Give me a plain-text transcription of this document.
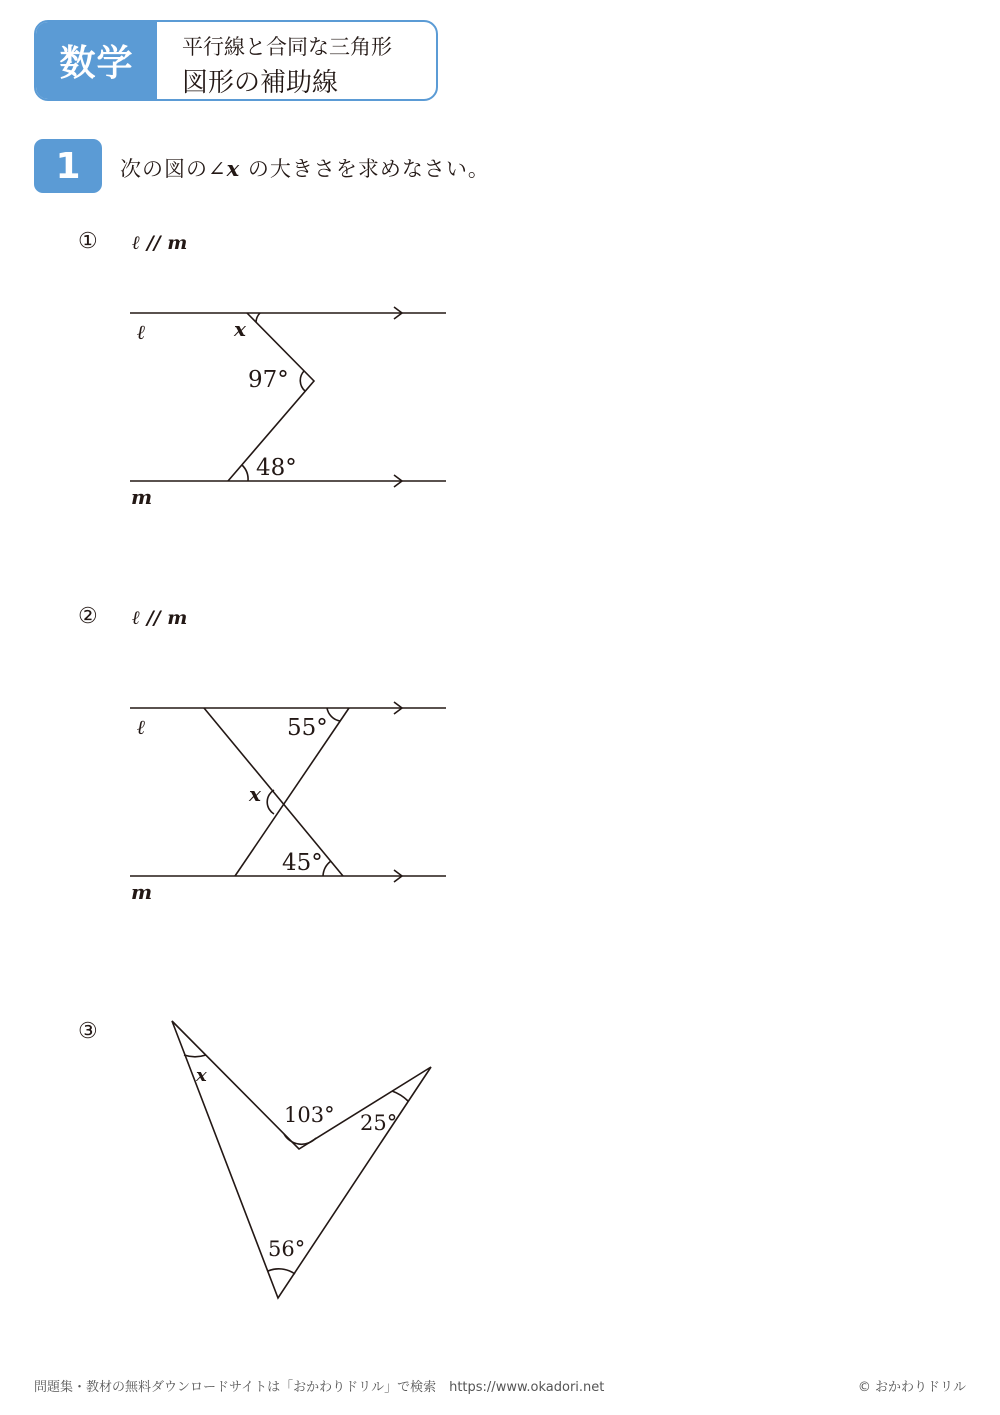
数学	平行線と合同な三角形
図形の補助線
1	次の図の∠x の大きさを求めなさい。
① ℓ // m
② ℓ // m
③
ℓ
m
x
97°
48°
ℓ
m
55°
x
45°
x
103° 25°
56°
問題集・教材の無料ダウンロードサイトは「おかわりドリル」で検索　https://www.okadori.net	© おかわりドリル
